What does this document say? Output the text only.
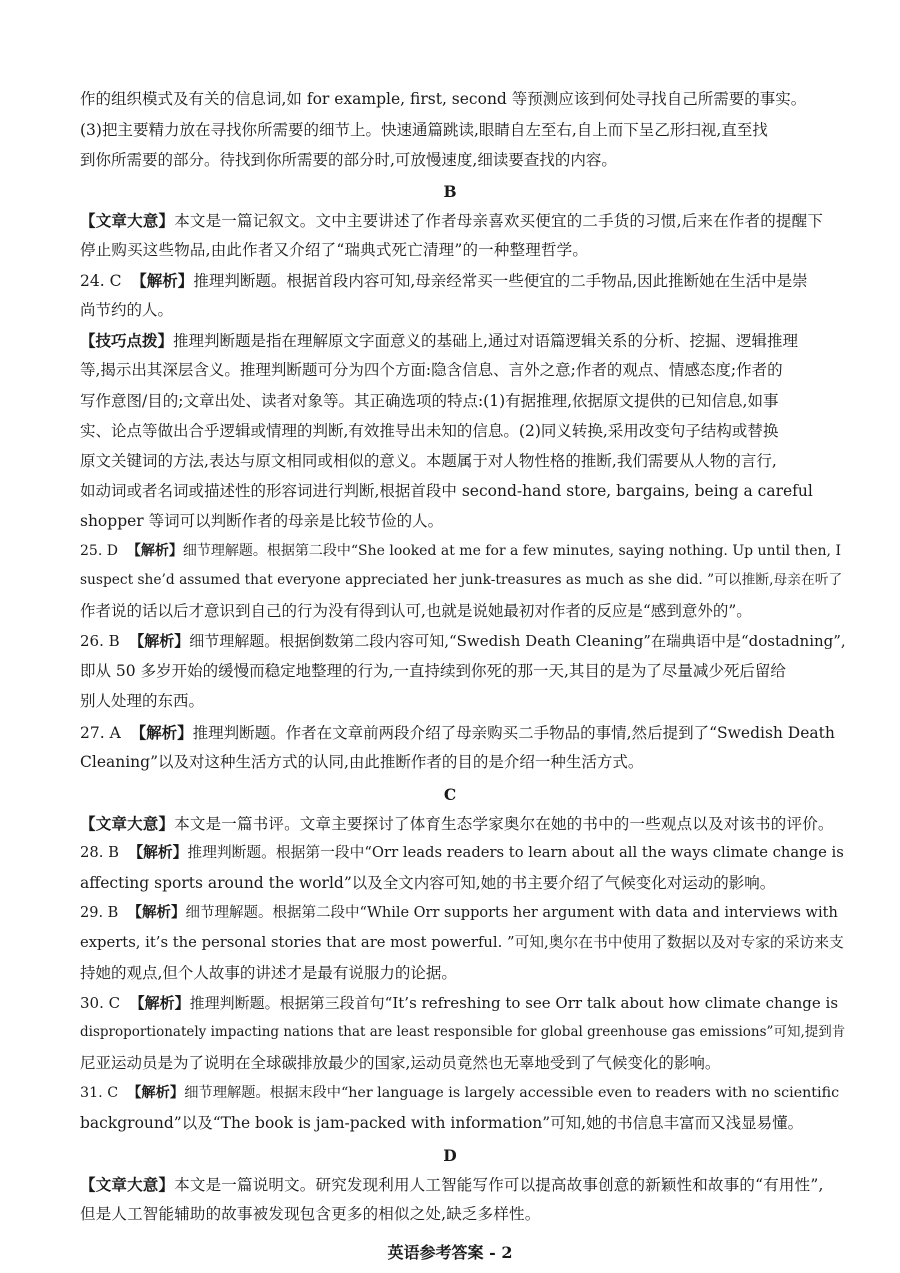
作的组织模式及有关的信息词,如 for example, first, second 等预测应该到何处寻找自己所需要的事实。
(3)把主要精力放在寻找你所需要的细节上。快速通篇跳读,眼睛自左至右,自上而下呈乙形扫视,直至找
到你所需要的部分。待找到你所需要的部分时,可放慢速度,细读要查找的内容。
B
【文章大意】本文是一篇记叙文。文中主要讲述了作者母亲喜欢买便宜的二手货的习惯,后来在作者的提醒下
停止购买这些物品,由此作者又介绍了“瑞典式死亡清理”的一种整理哲学。
24. C 【解析】推理判断题。根据首段内容可知,母亲经常买一些便宜的二手物品,因此推断她在生活中是崇
尚节约的人。
【技巧点拨】推理判断题是指在理解原文字面意义的基础上,通过对语篇逻辑关系的分析、挖掘、逻辑推理
等,揭示出其深层含义。推理判断题可分为四个方面:隐含信息、言外之意;作者的观点、情感态度;作者的
写作意图/目的;文章出处、读者对象等。其正确选项的特点:(1)有据推理,依据原文提供的已知信息,如事
实、论点等做出合乎逻辑或情理的判断,有效推导出未知的信息。(2)同义转换,采用改变句子结构或替换
原文关键词的方法,表达与原文相同或相似的意义。本题属于对人物性格的推断,我们需要从人物的言行,
如动词或者名词或描述性的形容词进行判断,根据首段中 second-hand store, bargains, being a careful
shopper 等词可以判断作者的母亲是比较节俭的人。
25. D 【解析】细节理解题。根据第二段中“She looked at me for a few minutes, saying nothing. Up until then, I
suspect she’d assumed that everyone appreciated her junk-treasures as much as she did. ”可以推断,母亲在听了
作者说的话以后才意识到自己的行为没有得到认可,也就是说她最初对作者的反应是“感到意外的”。
26. B 【解析】细节理解题。根据倒数第二段内容可知,“Swedish Death Cleaning”在瑞典语中是“dostadning”,
即从 50 多岁开始的缓慢而稳定地整理的行为,一直持续到你死的那一天,其目的是为了尽量减少死后留给
别人处理的东西。
27. A 【解析】推理判断题。作者在文章前两段介绍了母亲购买二手物品的事情,然后提到了“Swedish Death
Cleaning”以及对这种生活方式的认同,由此推断作者的目的是介绍一种生活方式。
C
【文章大意】本文是一篇书评。文章主要探讨了体育生态学家奥尔在她的书中的一些观点以及对该书的评价。
28. B 【解析】推理判断题。根据第一段中“Orr leads readers to learn about all the ways climate change is
affecting sports around the world”以及全文内容可知,她的书主要介绍了气候变化对运动的影响。
29. B 【解析】细节理解题。根据第二段中“While Orr supports her argument with data and interviews with
experts, it’s the personal stories that are most powerful. ”可知,奥尔在书中使用了数据以及对专家的采访来支
持她的观点,但个人故事的讲述才是最有说服力的论据。
30. C 【解析】推理判断题。根据第三段首句“It’s refreshing to see Orr talk about how climate change is
disproportionately impacting nations that are least responsible for global greenhouse gas emissions”可知,提到肯
尼亚运动员是为了说明在全球碳排放最少的国家,运动员竟然也无辜地受到了气候变化的影响。
31. C 【解析】细节理解题。根据末段中“her language is largely accessible even to readers with no scientific
background”以及“The book is jam-packed with information”可知,她的书信息丰富而又浅显易懂。
D
【文章大意】本文是一篇说明文。研究发现利用人工智能写作可以提高故事创意的新颖性和故事的“有用性”,
但是人工智能辅助的故事被发现包含更多的相似之处,缺乏多样性。
英语参考答案 - 2
